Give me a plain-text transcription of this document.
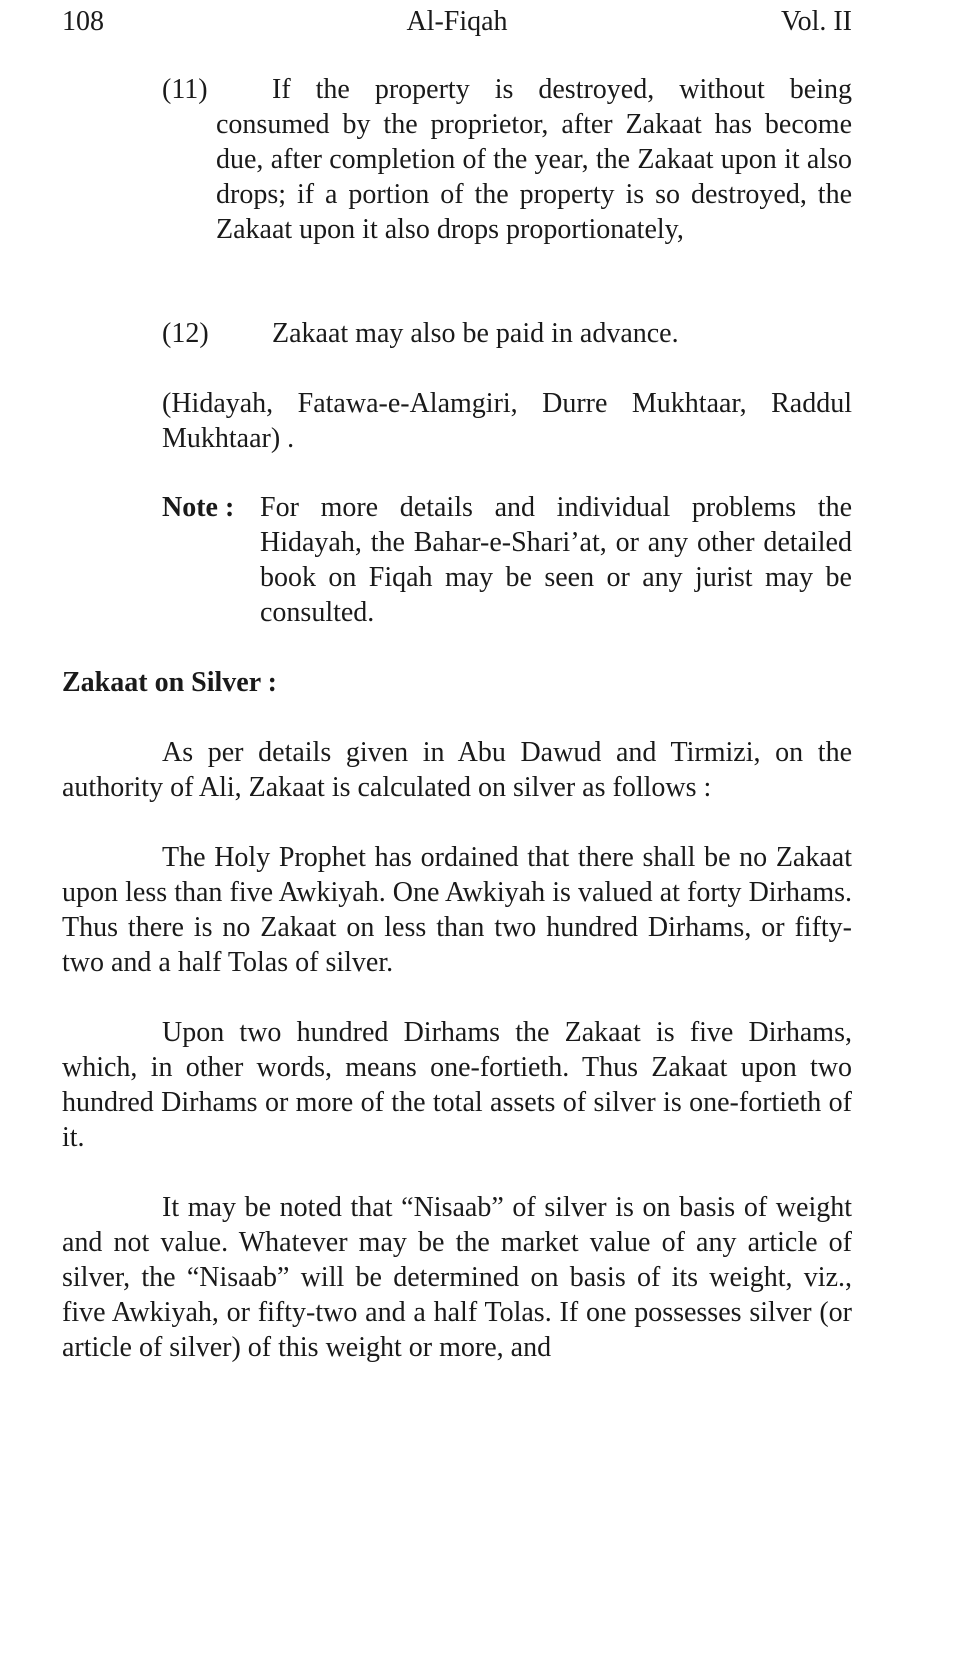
108	Al-Fiqah	Vol. II
(11)	If the property is destroyed, without being consumed by the proprietor, after Zakaat has become due, after completion of the year, the Zakaat upon it also drops; if a portion of the property is so destroyed, the Zakaat upon it also drops proportionately,
(12)	Zakaat may also be paid in advance.
(Hidayah, Fatawa-e-Alamgiri, Durre Mukhtaar, Raddul Mukhtaar) .
Note : For more details and individual problems the Hidayah, the Bahar-e-Shari’at, or any other detailed book on Fiqah may be seen or any jurist may be consulted.
Zakaat on Silver :
As per details given in Abu Dawud and Tirmizi, on the authority of Ali, Zakaat is calculated on silver as follows :
The Holy Prophet has ordained that there shall be no Zakaat upon less than five Awkiyah. One Awkiyah is valued at forty Dirhams. Thus there is no Zakaat on less than two hundred Dirhams, or fifty-two and a half Tolas of silver.
Upon two hundred Dirhams the Zakaat is five Dirhams, which, in other words, means one-fortieth. Thus Zakaat upon two hundred Dirhams or more of the total assets of silver is one-fortieth of it.
It may be noted that “Nisaab” of silver is on basis of weight and not value. Whatever may be the market value of any article of silver, the “Nisaab” will be determined on basis of its weight, viz., five Awkiyah, or fifty-two and a half Tolas. If one possesses silver (or article of silver) of this weight or more, and
